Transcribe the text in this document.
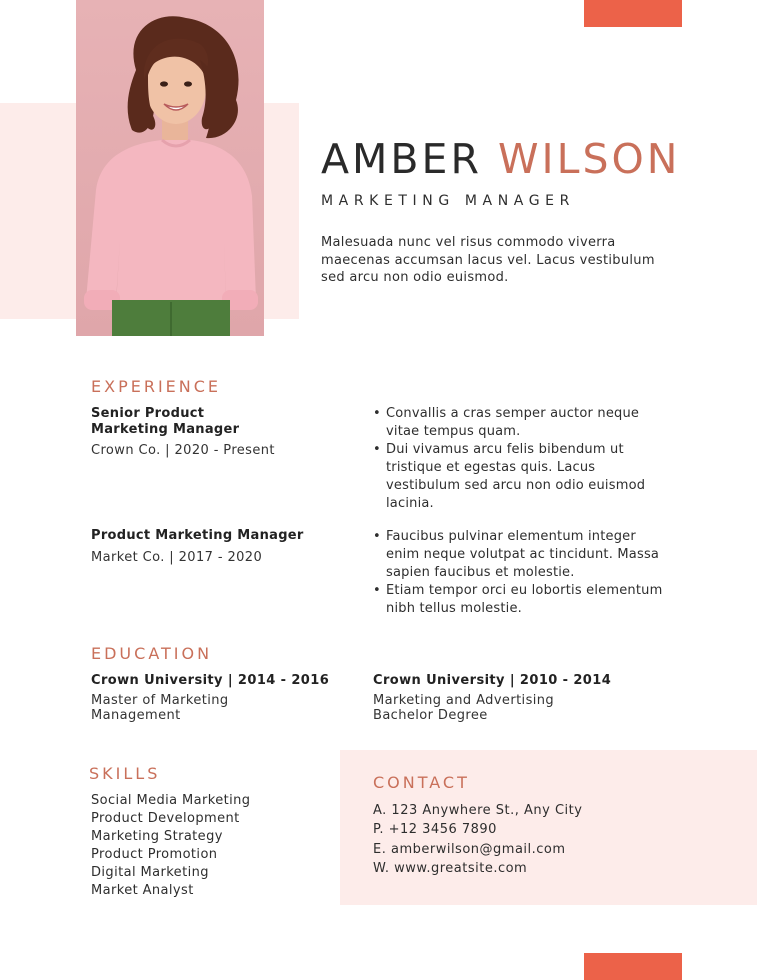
AMBER WILSON
MARKETING MANAGER
Malesuada nunc vel risus commodo viverra maecenas accumsan lacus vel. Lacus vestibulum sed arcu non odio euismod.
EXPERIENCE
Senior Product
Marketing Manager
Crown Co. | 2020 - Present
• Convallis a cras semper auctor neque vitae tempus quam.
• Dui vivamus arcu felis bibendum ut tristique et egestas quis. Lacus vestibulum sed arcu non odio euismod lacinia.
Product Marketing Manager
Market Co. | 2017 - 2020
• Faucibus pulvinar elementum integer enim neque volutpat ac tincidunt. Massa sapien faucibus et molestie.
• Etiam tempor orci eu lobortis elementum nibh tellus molestie.
EDUCATION
Crown University | 2014 - 2016
Master of Marketing
Management
Crown University | 2010 - 2014
Marketing and Advertising
Bachelor Degree
SKILLS
Social Media Marketing
Product Development
Marketing Strategy
Product Promotion
Digital Marketing
Market Analyst
CONTACT
A. 123 Anywhere St., Any City
P. +12 3456 7890
E. amberwilson@gmail.com
W. www.greatsite.com
